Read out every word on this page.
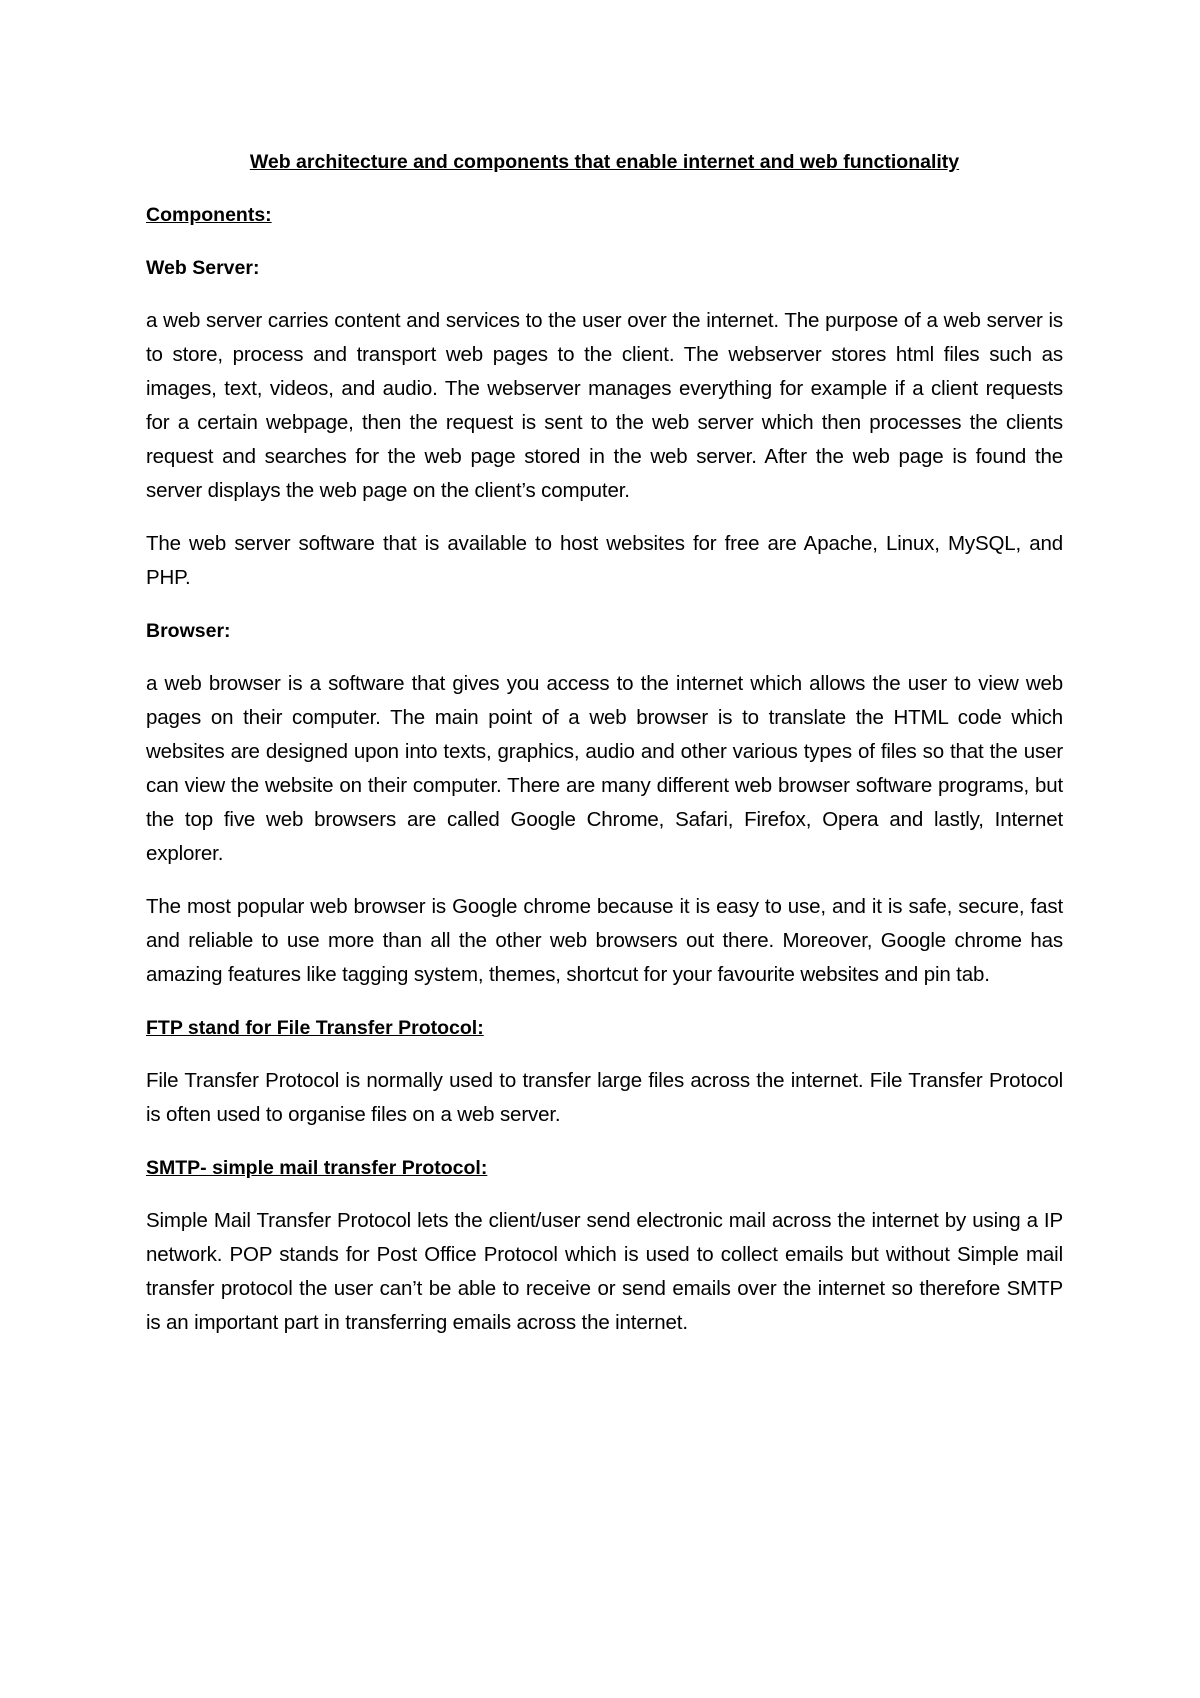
Web architecture and components that enable internet and web functionality
Components:
Web Server:

a web server carries content and services to the user over the internet. The purpose of a web server is to store, process and transport web pages to the client. The webserver stores html files such as images, text, videos, and audio. The webserver manages everything for example if a client requests for a certain webpage, then the request is sent to the web server which then processes the clients request and searches for the web page stored in the web server. After the web page is found the server displays the web page on the client’s computer.

The web server software that is available to host websites for free are Apache, Linux, MySQL, and PHP.

Browser:

a web browser is a software that gives you access to the internet which allows the user to view web pages on their computer. The main point of a web browser is to translate the HTML code which websites are designed upon into texts, graphics, audio and other various types of files so that the user can view the website on their computer. There are many different web browser software programs, but the top five web browsers are called Google Chrome, Safari, Firefox, Opera and lastly, Internet explorer.

The most popular web browser is Google chrome because it is easy to use, and it is safe, secure, fast and reliable to use more than all the other web browsers out there. Moreover, Google chrome has amazing features like tagging system, themes, shortcut for your favourite websites and pin tab.

FTP stand for File Transfer Protocol:

File Transfer Protocol is normally used to transfer large files across the internet. File Transfer Protocol is often used to organise files on a web server.

SMTP- simple mail transfer Protocol:

Simple Mail Transfer Protocol lets the client/user send electronic mail across the internet by using a IP network. POP stands for Post Office Protocol which is used to collect emails but without Simple mail transfer protocol the user can’t be able to receive or send emails over the internet so therefore SMTP is an important part in transferring emails across the internet.
